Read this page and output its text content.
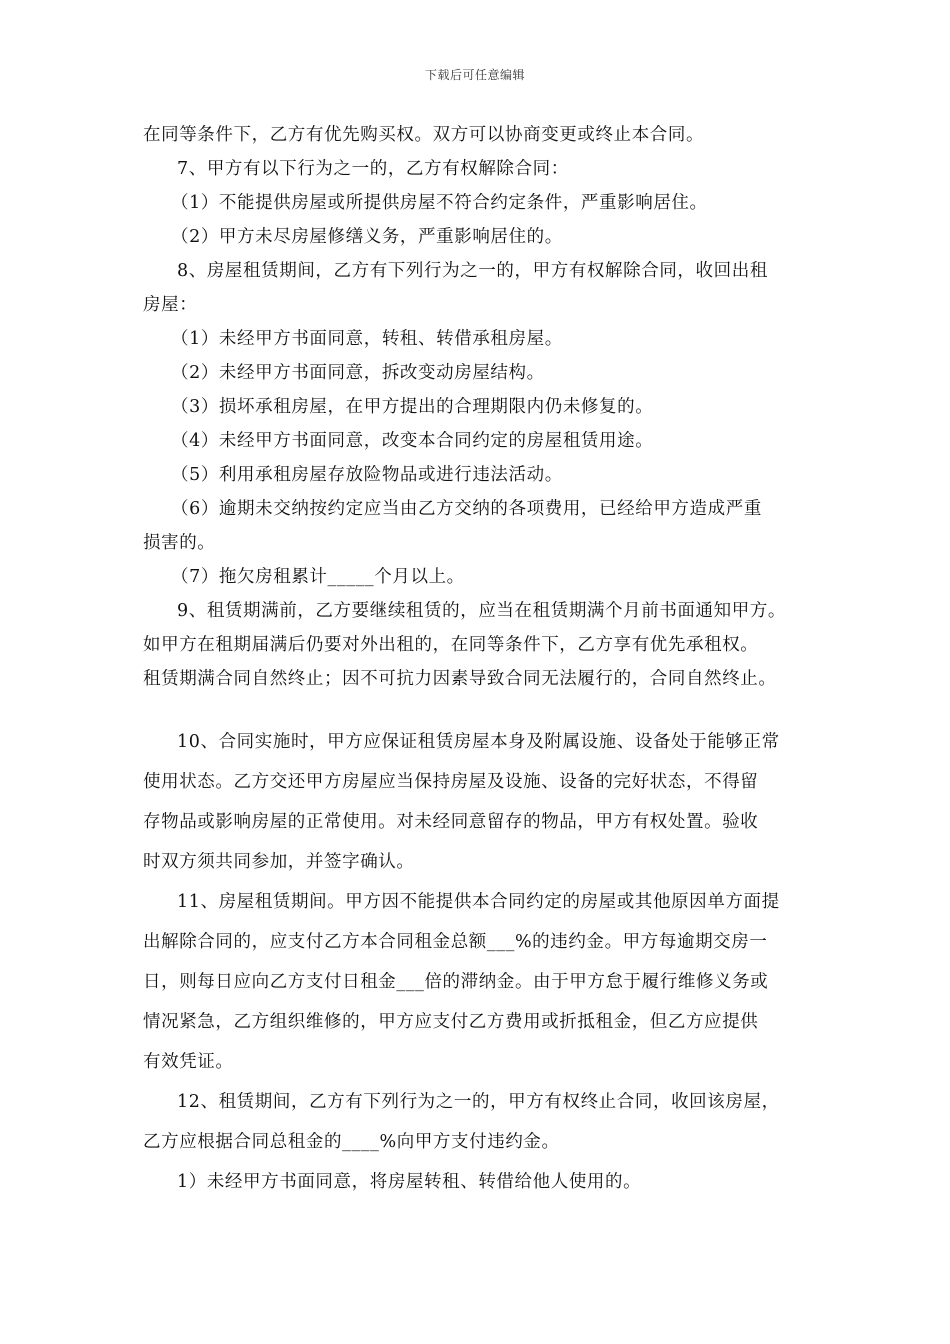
下载后可任意编辑
在同等条件下，乙方有优先购买权。双方可以协商变更或终止本合同。
7、甲方有以下行为之一的，乙方有权解除合同：
（1）不能提供房屋或所提供房屋不符合约定条件，严重影响居住。
（2）甲方未尽房屋修缮义务，严重影响居住的。
8、房屋租赁期间，乙方有下列行为之一的，甲方有权解除合同，收回出租
房屋：
（1）未经甲方书面同意，转租、转借承租房屋。
（2）未经甲方书面同意，拆改变动房屋结构。
（3）损坏承租房屋，在甲方提出的合理期限内仍未修复的。
（4）未经甲方书面同意，改变本合同约定的房屋租赁用途。
（5）利用承租房屋存放险物品或进行违法活动。
（6）逾期未交纳按约定应当由乙方交纳的各项费用，已经给甲方造成严重
损害的。
（7）拖欠房租累计_____个月以上。
9、租赁期满前，乙方要继续租赁的，应当在租赁期满个月前书面通知甲方。
如甲方在租期届满后仍要对外出租的，在同等条件下，乙方享有优先承租权。
租赁期满合同自然终止；因不可抗力因素导致合同无法履行的，合同自然终止。
10、合同实施时，甲方应保证租赁房屋本身及附属设施、设备处于能够正常
使用状态。乙方交还甲方房屋应当保持房屋及设施、设备的完好状态，不得留
存物品或影响房屋的正常使用。对未经同意留存的物品，甲方有权处置。验收
时双方须共同参加，并签字确认。
11、房屋租赁期间。甲方因不能提供本合同约定的房屋或其他原因单方面提
出解除合同的，应支付乙方本合同租金总额___%的违约金。甲方每逾期交房一
日，则每日应向乙方支付日租金___倍的滞纳金。由于甲方怠于履行维修义务或
情况紧急，乙方组织维修的，甲方应支付乙方费用或折抵租金，但乙方应提供
有效凭证。
12、租赁期间，乙方有下列行为之一的，甲方有权终止合同，收回该房屋，
乙方应根据合同总租金的____%向甲方支付违约金。
1）未经甲方书面同意，将房屋转租、转借给他人使用的。
